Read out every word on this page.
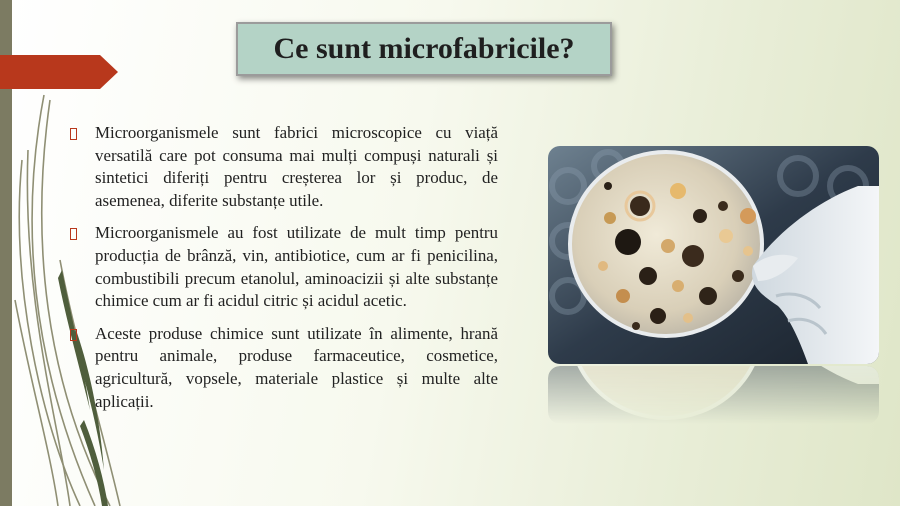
Ce sunt microfabricile?
Microorganismele sunt fabrici microscopice cu viață versatilă care pot consuma mai mulți compuși naturali și sintetici diferiți pentru creșterea lor și produc, de asemenea, diferite substanțe utile.
Microorganismele au fost utilizate de mult timp pentru producția de brânză, vin, antibiotice, cum ar fi penicilina, combustibili precum etanolul, aminoacizii și alte substanțe chimice cum ar fi acidul citric și acidul acetic.
Aceste produse chimice sunt utilizate în alimente, hrană pentru animale, produse farmaceutice, cosmetice, agricultură, vopsele, materiale plastice și multe alte aplicații.
